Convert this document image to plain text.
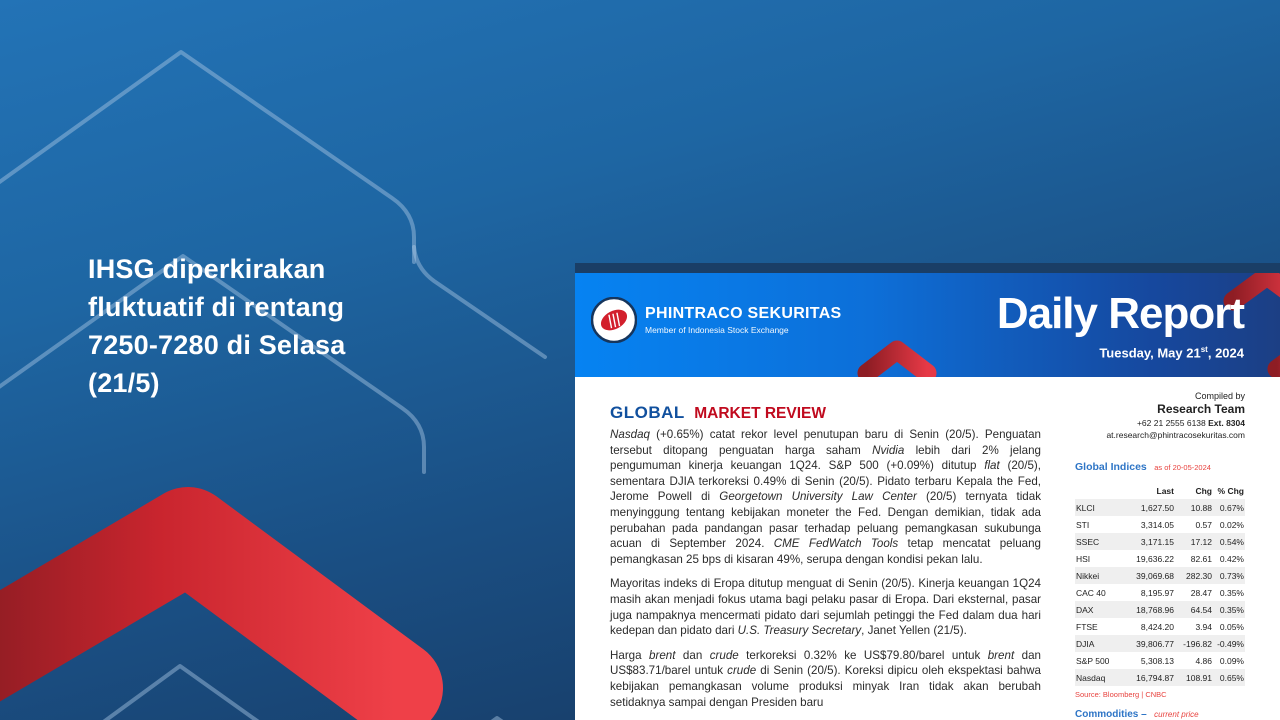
IHSG diperkirakan
fluktuatif di rentang
7250-7280 di Selasa
(21/5)
PHINTRACO SEKURITAS
Member of Indonesia Stock Exchange	Daily Report
Tuesday, May 21st, 2024
GLOBAL MARKET REVIEW

Nasdaq (+0.65%) catat rekor level penutupan baru di Senin (20/5). Penguatan tersebut ditopang penguatan harga saham Nvidia lebih dari 2% jelang pengumuman kinerja keuangan 1Q24. S&P 500 (+0.09%) ditutup flat (20/5), sementara DJIA terkoreksi 0.49% di Senin (20/5). Pidato terbaru Kepala the Fed, Jerome Powell di Georgetown University Law Center (20/5) ternyata tidak menyinggung tentang kebijakan moneter the Fed. Dengan demikian, tidak ada perubahan pada pandangan pasar terhadap peluang pemangkasan sukubunga acuan di September 2024. CME FedWatch Tools tetap mencatat peluang pemangkasan 25 bps di kisaran 49%, serupa dengan kondisi pekan lalu.

Mayoritas indeks di Eropa ditutup menguat di Senin (20/5). Kinerja keuangan 1Q24 masih akan menjadi fokus utama bagi pelaku pasar di Eropa. Dari eksternal, pasar juga nampaknya mencermati pidato dari sejumlah petinggi the Fed dalam dua hari kedepan dan pidato dari U.S. Treasury Secretary, Janet Yellen (21/5).

Harga brent dan crude terkoreksi 0.32% ke US$79.80/barel untuk brent dan US$83.71/barel untuk crude di Senin (20/5). Koreksi dipicu oleh ekspektasi bahwa kebijakan pemangkasan volume produksi minyak Iran tidak akan berubah setidaknya sampai dengan Presiden baru

Compiled by
Research Team
+62 21 2555 6138 Ext. 8304
at.research@phintracosekuritas.com
Global Indices as of 20-05-2024
Last	Chg % Chg
KLCI	1,627.50	10.88 0.67%
STI	3,314.05	0.57 0.02%
SSEC	3,171.15	17.12 0.54%
HSI	19,636.22	82.61 0.42%
Nikkei	39,069.68	282.30 0.73%
CAC 40	8,195.97	28.47 0.35%
DAX	18,768.96	64.54 0.35%
FTSE	8,424.20	3.94 0.05%
DJIA	39,806.77	-196.82 -0.49%
S&P 500	5,308.13	4.86 0.09%
Nasdaq	16,794.87	108.91 0.65%
Source: Bloomberg | CNBC
Commodities – current price
